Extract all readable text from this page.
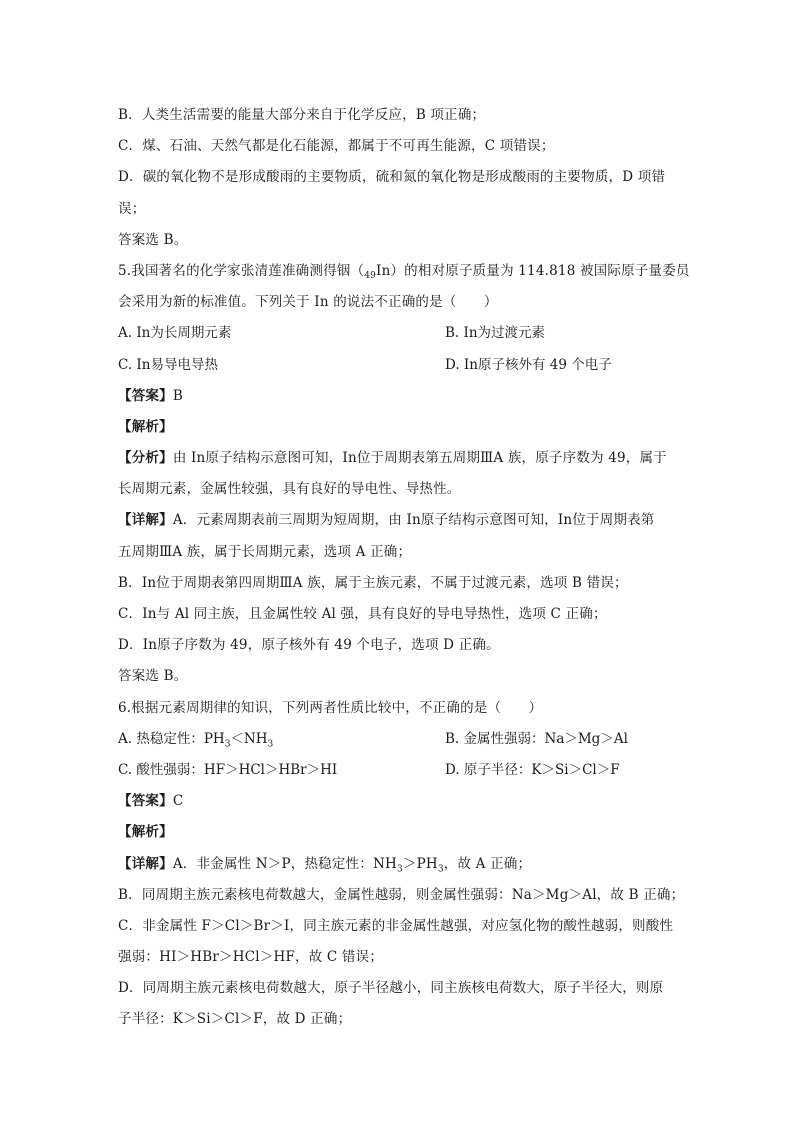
B．人类生活需要的能量大部分来自于化学反应，B 项正确；
C．煤、石油、天然气都是化石能源，都属于不可再生能源，C 项错误；
D．碳的氧化物不是形成酸雨的主要物质，硫和氮的氧化物是形成酸雨的主要物质，D 项错
误；
答案选 B。
5.我国著名的化学家张清莲准确测得铟$(_{49}In)$的相对原子质量为 114.818 被国际原子量委员
会采用为新的标准值。下列关于 In 的说法不正确的是（　　）
A. In为长周期元素	B. In为过渡元素
C. In易导电导热	D. In原子核外有 49 个电子
【答案】B
【解析】
【分析】由 In原子结构示意图可知，In位于周期表第五周期ⅢA 族，原子序数为 49，属于
长周期元素，金属性较强，具有良好的导电性、导热性。
【详解】A．元素周期表前三周期为短周期，由 In原子结构示意图可知，In位于周期表第
五周期ⅢA 族，属于长周期元素，选项 A 正确；
B．In位于周期表第四周期ⅢA 族，属于主族元素，不属于过渡元素，选项 B 错误；
C．In与 Al 同主族，且金属性较 Al 强，具有良好的导电导热性，选项 C 正确；
D．In原子序数为 49，原子核外有 49 个电子，选项 D 正确。
答案选 B。
6.根据元素周期律的知识，下列两者性质比较中，不正确的是（　　）
A. 热稳定性：$PH_3<NH_3$	B. 金属性强弱：Na＞Mg＞Al
C. 酸性强弱：HF＞HCl＞HBr＞HI	D. 原子半径：K＞Si＞Cl＞F
【答案】C
【解析】
【详解】A．非金属性 N＞P，热稳定性：$NH_3>PH_3$，故 A 正确；
B．同周期主族元素核电荷数越大，金属性越弱，则金属性强弱：Na＞Mg＞Al，故 B 正确；
C．非金属性 F＞Cl＞Br＞I，同主族元素的非金属性越强，对应氢化物的酸性越弱，则酸性
强弱：HI＞HBr＞HCl＞HF，故 C 错误；
D．同周期主族元素核电荷数越大，原子半径越小，同主族核电荷数大，原子半径大，则原
子半径：K＞Si＞Cl＞F，故 D 正确；
